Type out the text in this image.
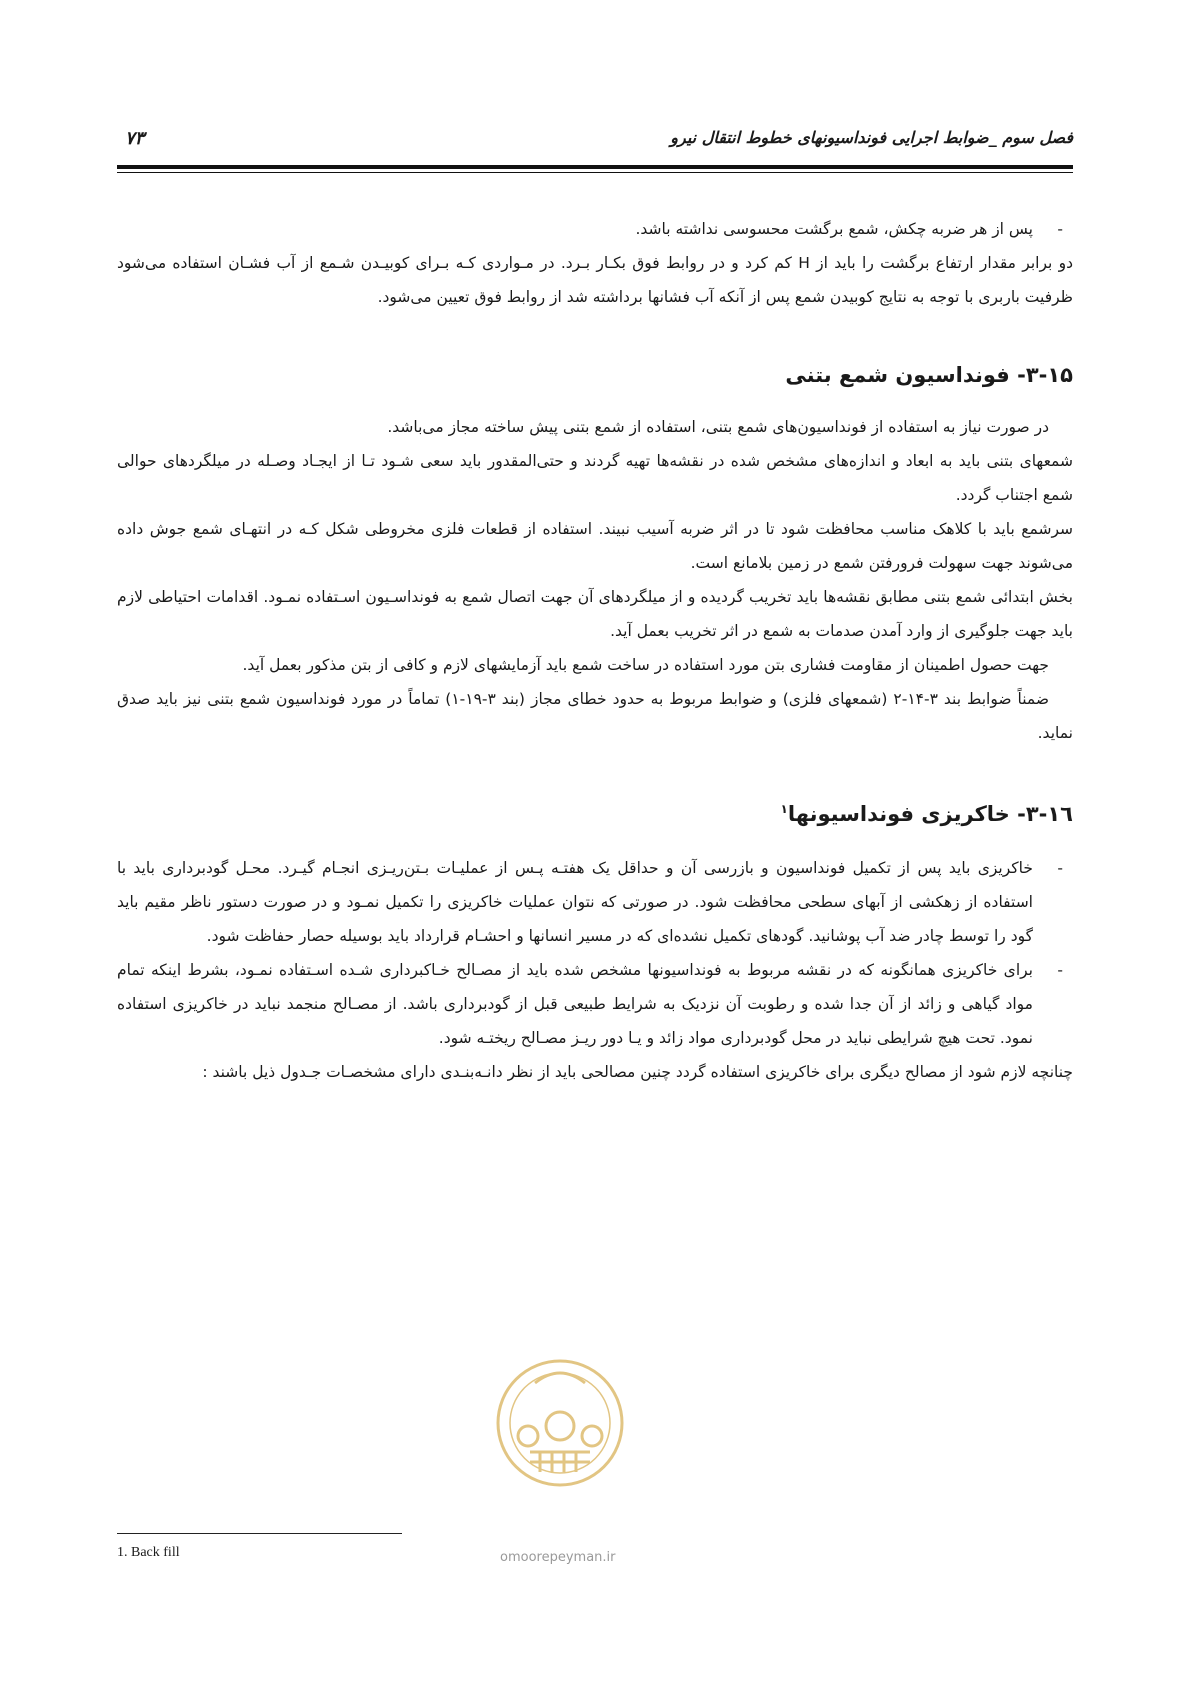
فصل سوم _ضوابط اجرایی فونداسیونهای خطوط انتقال نیرو
۷۳

- پس از هر ضربه چکش، شمع برگشت محسوسی نداشته باشد.

دو برابر مقدار ارتفاع برگشت را باید از H کم کرد و در روابط فوق بکـار بـرد. در مـواردی کـه بـرای کوبیـدن شـمع از آب فشـان استفاده می‌شود ظرفیت باربری با توجه به نتایج کوبیدن شمع پس از آنکه آب فشانها برداشته شد از روابط فوق تعیین می‌شود.

۳-۱۵- فونداسیون شمع بتنی

در صورت نیاز به استفاده از فونداسیون‌های شمع بتنی، استفاده از شمع بتنی پیش ساخته مجاز می‌باشد.

شمعهای بتنی باید به ابعاد و اندازه‌های مشخص شده در نقشه‌ها تهیه گردند و حتی‌المقدور باید سعی شـود تـا از ایجـاد وصـله در میلگردهای حوالی شمع اجتناب گردد.

سرشمع باید با کلاهک مناسب محافظت شود تا در اثر ضربه آسیب نبیند. استفاده از قطعات فلزی مخروطی شکل کـه در انتهـای شمع جوش داده می‌شوند جهت سهولت فرورفتن شمع در زمین بلامانع است.

بخش ابتدائی شمع بتنی مطابق نقشه‌ها باید تخریب گردیده و از میلگردهای آن جهت اتصال شمع به فونداسـیون اسـتفاده نمـود. اقدامات احتیاطی لازم باید جهت جلوگیری از وارد آمدن صدمات به شمع در اثر تخریب بعمل آید.

جهت حصول اطمینان از مقاومت فشاری بتن مورد استفاده در ساخت شمع باید آزمایشهای لازم و کافی از بتن مذکور بعمل آید.

ضمناً ضوابط بند ۳-۱۴-۲ (شمعهای فلزی) و ضوابط مربوط به حدود خطای مجاز (بند ۳-۱۹-۱) تماماً در مورد فونداسیون شمع بتنی نیز باید صدق نماید.

۳-۱٦- خاکریزی فونداسیونها$^۱$

- خاکریزی باید پس از تکمیل فونداسیون و بازرسی آن و حداقل یک هفتـه پـس از عملیـات بـتن‌ریـزی انجـام گیـرد. محـل گودبرداری باید با استفاده از زهکشی از آبهای سطحی محافظت شود. در صورتی که نتوان عملیات خاکریزی را تکمیل نمـود و در صورت دستور ناظر مقیم باید گود را توسط چادر ضد آب پوشانید. گودهای تکمیل نشده‌ای که در مسیر انسانها و احشـام قرارداد باید بوسیله حصار حفاظت شود.

- برای خاکریزی همانگونه که در نقشه مربوط به فونداسیونها مشخص شده باید از مصـالح خـاکبرداری شـده اسـتفاده نمـود، بشرط اینکه تمام مواد گیاهی و زائد از آن جدا شده و رطوبت آن نزدیک به شرایط طبیعی قبل از گودبرداری باشد. از مصـالح منجمد نباید در خاکریزی استفاده نمود. تحت هیچ شرایطی نباید در محل گودبرداری مواد زائد و یـا دور ریـز مصـالح ریختـه شود.

چنانچه لازم شود از مصالح دیگری برای خاکریزی استفاده گردد چنین مصالحی باید از نظر دانـه‌بنـدی دارای مشخصـات جـدول ذیل باشند :

omoorepeyman.ir
1. Back fill
